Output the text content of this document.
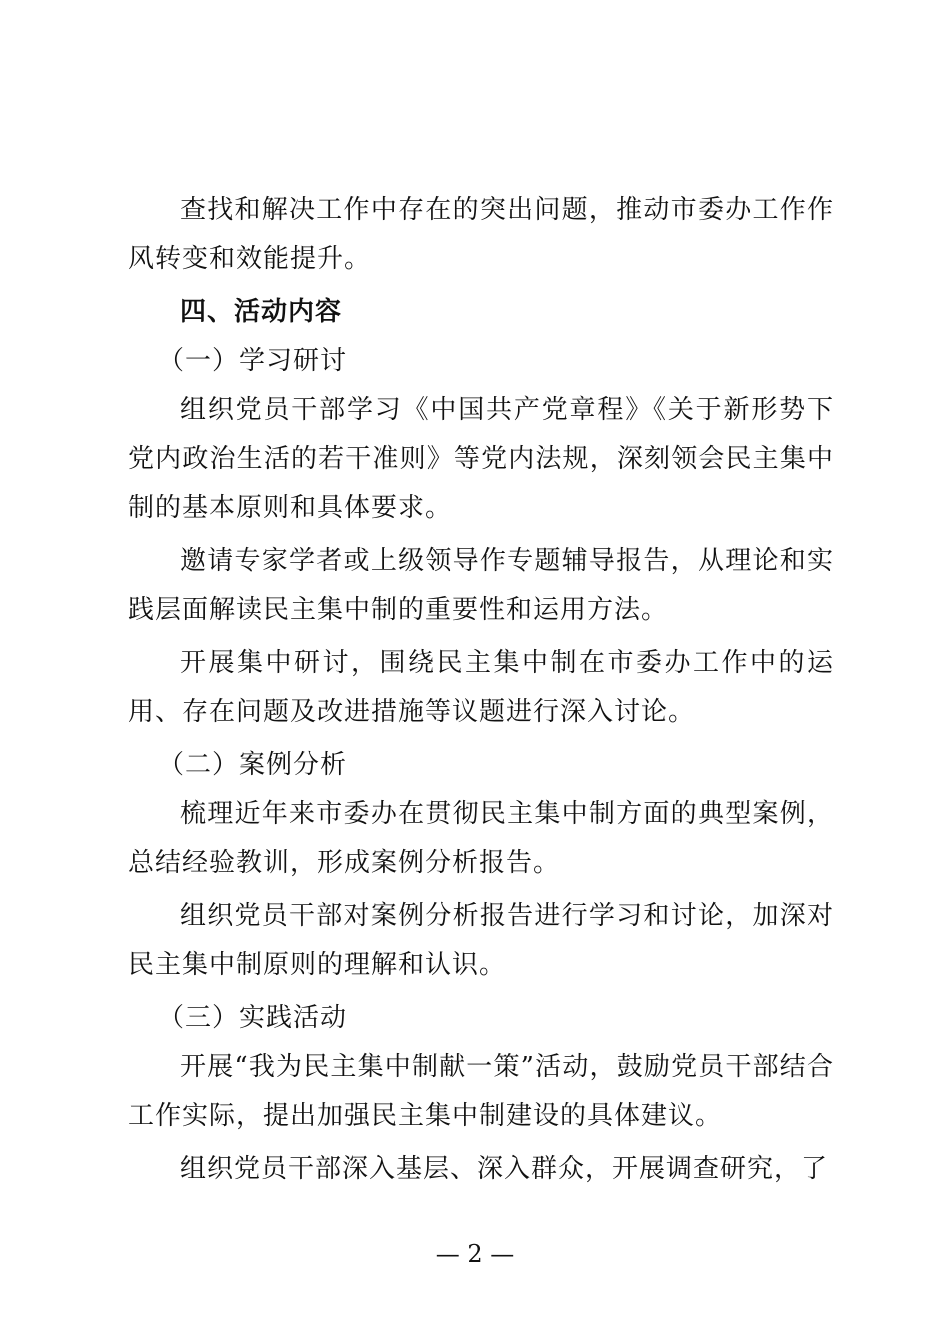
查找和解决工作中存在的突出问题，推动市委办工作作风转变和效能提升。

四、活动内容

（一）学习研讨

组织党员干部学习《中国共产党章程》《关于新形势下党内政治生活的若干准则》等党内法规，深刻领会民主集中制的基本原则和具体要求。

邀请专家学者或上级领导作专题辅导报告，从理论和实践层面解读民主集中制的重要性和运用方法。

开展集中研讨，围绕民主集中制在市委办工作中的运用、存在问题及改进措施等议题进行深入讨论。

（二）案例分析

梳理近年来市委办在贯彻民主集中制方面的典型案例，总结经验教训，形成案例分析报告。

组织党员干部对案例分析报告进行学习和讨论，加深对民主集中制原则的理解和认识。

（三）实践活动

开展“我为民主集中制献一策”活动，鼓励党员干部结合工作实际，提出加强民主集中制建设的具体建议。

组织党员干部深入基层、深入群众，开展调查研究，了

— 2 —
